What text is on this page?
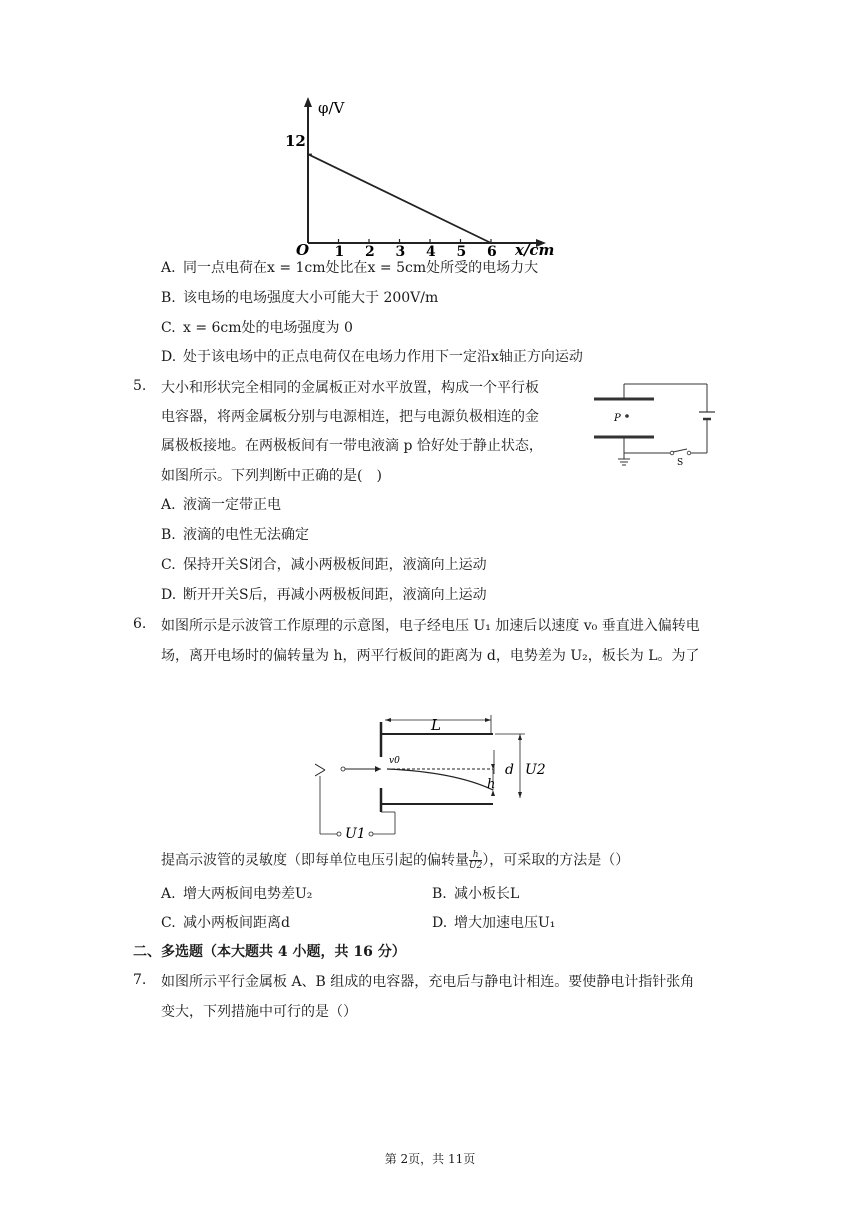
φ/V
O
12
x/cm
1 2 3 4 5 6
A. 同一点电荷在x = 1cm处比在x = 5cm处所受的电场力大
B. 该电场的电场强度大小可能大于 200V/m
C. x = 6cm处的电场强度为 0
D. 处于该电场中的正点电荷仅在电场力作用下一定沿x轴正方向运动
5.	大小和形状完全相同的金属板正对水平放置，构成一个平行板
电容器，将两金属板分别与电源相连，把与电源负极相连的金
属极板接地。在两极板间有一带电液滴 p 恰好处于静止状态，
如图所示。下列判断中正确的是(　)
P
S
A. 液滴一定带正电
B. 液滴的电性无法确定
C. 保持开关S闭合，减小两极板间距，液滴向上运动
D. 断开开关S后，再减小两极板间距，液滴向上运动
6.	如图所示是示波管工作原理的示意图，电子经电压 U₁ 加速后以速度 v₀ 垂直进入偏转电
场，离开电场时的偏转量为 h，两平行板间的距离为 d，电势差为 U₂，板长为 L。为了
L
U2
d
v0
h
U1
提高示波管的灵敏度（即每单位电压引起的偏转量 $\frac{h}{U2}$ ），可采取的方法是（）
A. 增大两板间电势差U₂	B. 减小板长L
C. 减小两板间距离d	D. 增大加速电压U₁
二、多选题（本大题共 4 小题，共 16 分）
7.	如图所示平行金属板 A、B 组成的电容器，充电后与静电计相连。要使静电计指针张角
变大，下列措施中可行的是（）
第 2页，共 11页
